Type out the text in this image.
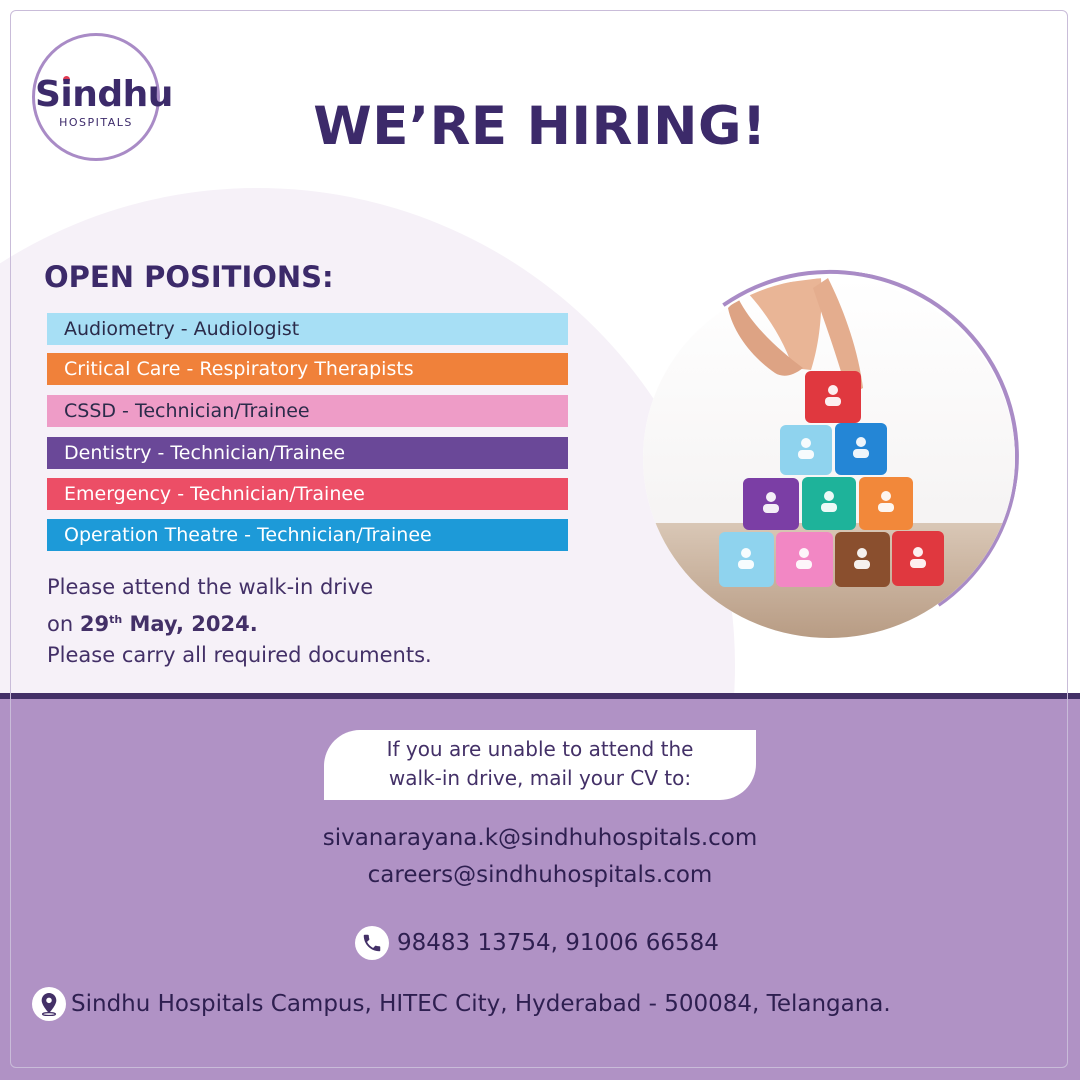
Sindhu
HOSPITALS	WE’RE HIRING!
OPEN POSITIONS:
Audiometry - Audiologist
Critical Care - Respiratory Therapists
CSSD - Technician/Trainee
Dentistry - Technician/Trainee
Emergency - Technician/Trainee
Operation Theatre - Technician/Trainee
Please attend the walk-in drive
on 29th May, 2024.
Please carry all required documents.
If you are unable to attend the
walk-in drive, mail your CV to:
sivanarayana.k@sindhuhospitals.com
careers@sindhuhospitals.com
98483 13754, 91006 66584
Sindhu Hospitals Campus, HITEC City, Hyderabad - 500084, Telangana.
